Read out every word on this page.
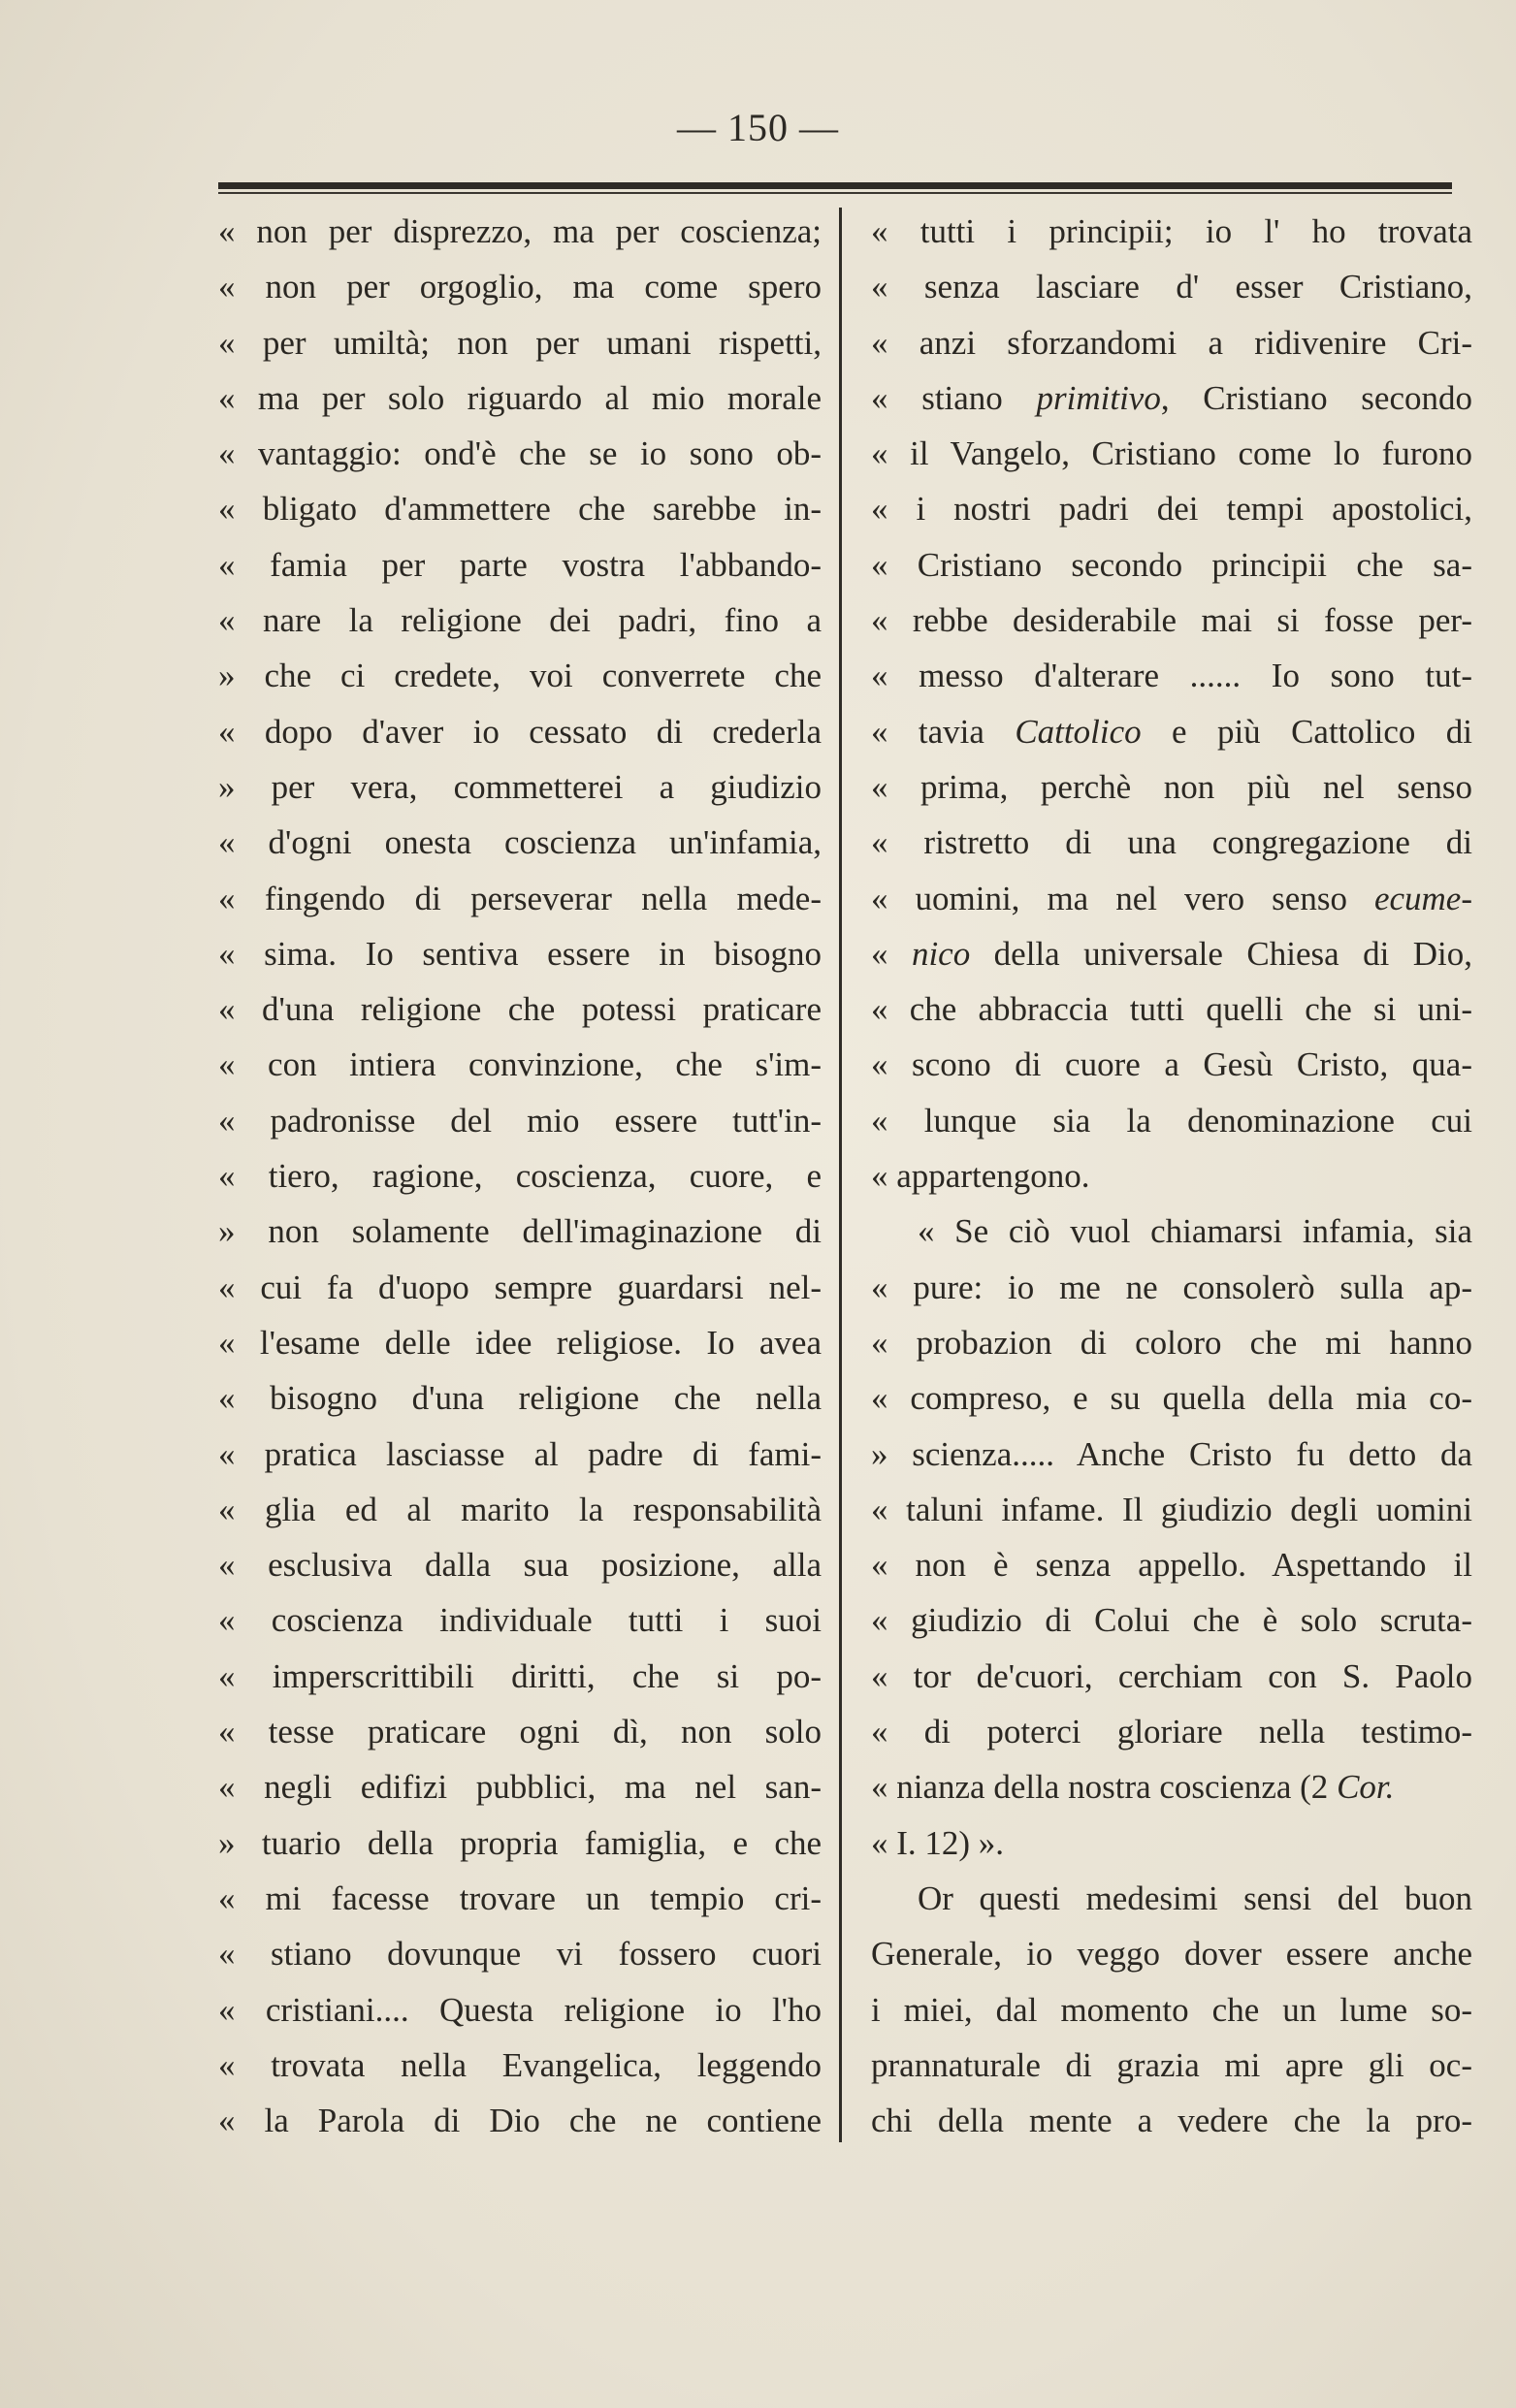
— 150 —
« non per disprezzo, ma per coscienza;
« non per orgoglio, ma come spero
« per umiltà; non per umani rispetti,
« ma per solo riguardo al mio morale
« vantaggio: ond'è che se io sono ob-
« bligato d'ammettere che sarebbe in-
« famia per parte vostra l'abbando-
« nare la religione dei padri, fino a
» che ci credete, voi converrete che
« dopo d'aver io cessato di crederla
» per vera, commetterei a giudizio
« d'ogni onesta coscienza un'infamia,
« fingendo di perseverar nella mede-
« sima. Io sentiva essere in bisogno
« d'una religione che potessi praticare
« con intiera convinzione, che s'im-
« padronisse del mio essere tutt'in-
« tiero, ragione, coscienza, cuore, e
» non solamente dell'imaginazione di
« cui fa d'uopo sempre guardarsi nel-
« l'esame delle idee religiose. Io avea
« bisogno d'una religione che nella
« pratica lasciasse al padre di fami-
« glia ed al marito la responsabilità
« esclusiva dalla sua posizione, alla
« coscienza individuale tutti i suoi
« imperscrittibili diritti, che si po-
« tesse praticare ogni dì, non solo
« negli edifizi pubblici, ma nel san-
» tuario della propria famiglia, e che
« mi facesse trovare un tempio cri-
« stiano dovunque vi fossero cuori
« cristiani.... Questa religione io l'ho
« trovata nella Evangelica, leggendo
« la Parola di Dio che ne contiene
« tutti i principii; io l' ho trovata
« senza lasciare d' esser Cristiano,
« anzi sforzandomi a ridivenire Cri-
« stiano primitivo, Cristiano secondo
« il Vangelo, Cristiano come lo furono
« i nostri padri dei tempi apostolici,
« Cristiano secondo principii che sa-
« rebbe desiderabile mai si fosse per-
« messo d'alterare ...... Io sono tut-
« tavia Cattolico e più Cattolico di
« prima, perchè non più nel senso
« ristretto di una congregazione di
« uomini, ma nel vero senso ecume-
« nico della universale Chiesa di Dio,
« che abbraccia tutti quelli che si uni-
« scono di cuore a Gesù Cristo, qua-
« lunque sia la denominazione cui
« appartengono.
« Se ciò vuol chiamarsi infamia, sia
« pure: io me ne consolerò sulla ap-
« probazion di coloro che mi hanno
« compreso, e su quella della mia co-
» scienza..... Anche Cristo fu detto da
« taluni infame. Il giudizio degli uomini
« non è senza appello. Aspettando il
« giudizio di Colui che è solo scruta-
« tor de'cuori, cerchiam con S. Paolo
« di poterci gloriare nella testimo-
« nianza della nostra coscienza (2 Cor.
« I. 12) ».
Or questi medesimi sensi del buon
Generale, io veggo dover essere anche
i miei, dal momento che un lume so-
prannaturale di grazia mi apre gli oc-
chi della mente a vedere che la pro-
